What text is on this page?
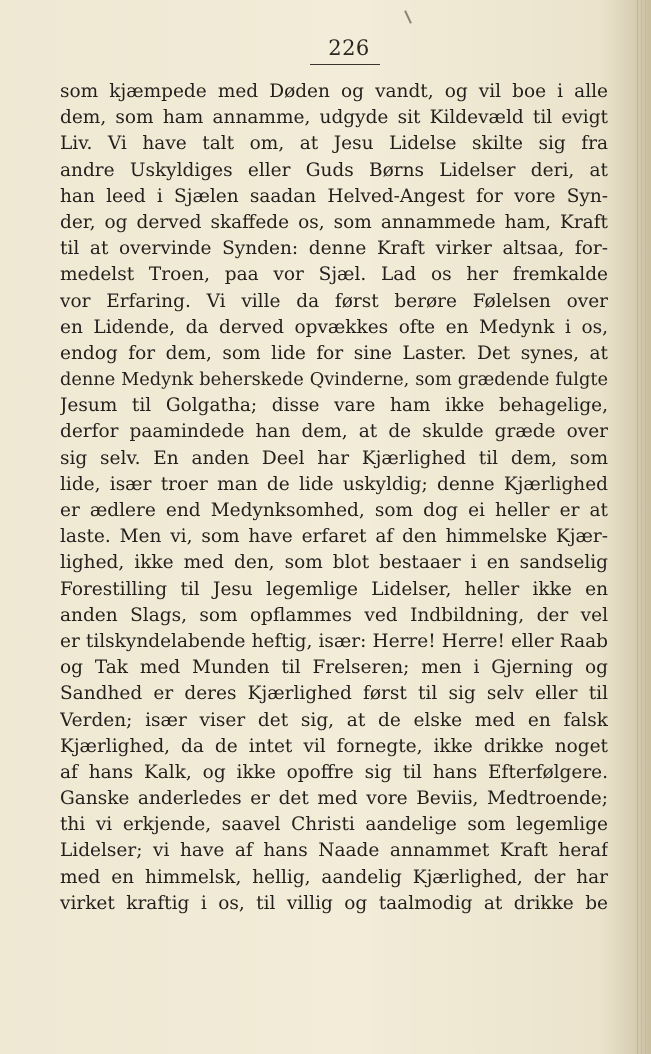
226
som kjæmpede med Døden og vandt, og vil boe i alle
dem, som ham annamme, udgyde sit Kildevæld til evigt
Liv. Vi have talt om, at Jesu Lidelse skilte sig fra
andre Uskyldiges eller Guds Børns Lidelser deri, at
han leed i Sjælen saadan Helved-Angest for vore Syn-
der, og derved skaffede os, som annammede ham, Kraft
til at overvinde Synden: denne Kraft virker altsaa, for-
medelst Troen, paa vor Sjæl. Lad os her fremkalde
vor Erfaring. Vi ville da først berøre Følelsen over
en Lidende, da derved opvækkes ofte en Medynk i os,
endog for dem, som lide for sine Laster. Det synes, at
denne Medynk beherskede Qvinderne, som grædende fulgte
Jesum til Golgatha; disse vare ham ikke behagelige,
derfor paamindede han dem, at de skulde græde over
sig selv. En anden Deel har Kjærlighed til dem, som
lide, især troer man de lide uskyldig; denne Kjærlighed
er ædlere end Medynksomhed, som dog ei heller er at
laste. Men vi, som have erfaret af den himmelske Kjær-
lighed, ikke med den, som blot bestaaer i en sandselig
Forestilling til Jesu legemlige Lidelser, heller ikke en
anden Slags, som opflammes ved Indbildning, der vel
er tilskyndelabende heftig, især: Herre! Herre! eller Raab
og Tak med Munden til Frelseren; men i Gjerning og
Sandhed er deres Kjærlighed først til sig selv eller til
Verden; især viser det sig, at de elske med en falsk
Kjærlighed, da de intet vil fornegte, ikke drikke noget
af hans Kalk, og ikke opoffre sig til hans Efterfølgere.
Ganske anderledes er det med vore Beviis, Medtroende;
thi vi erkjende, saavel Christi aandelige som legemlige
Lidelser; vi have af hans Naade annammet Kraft heraf
med en himmelsk, hellig, aandelig Kjærlighed, der har
virket kraftig i os, til villig og taalmodig at drikke be
